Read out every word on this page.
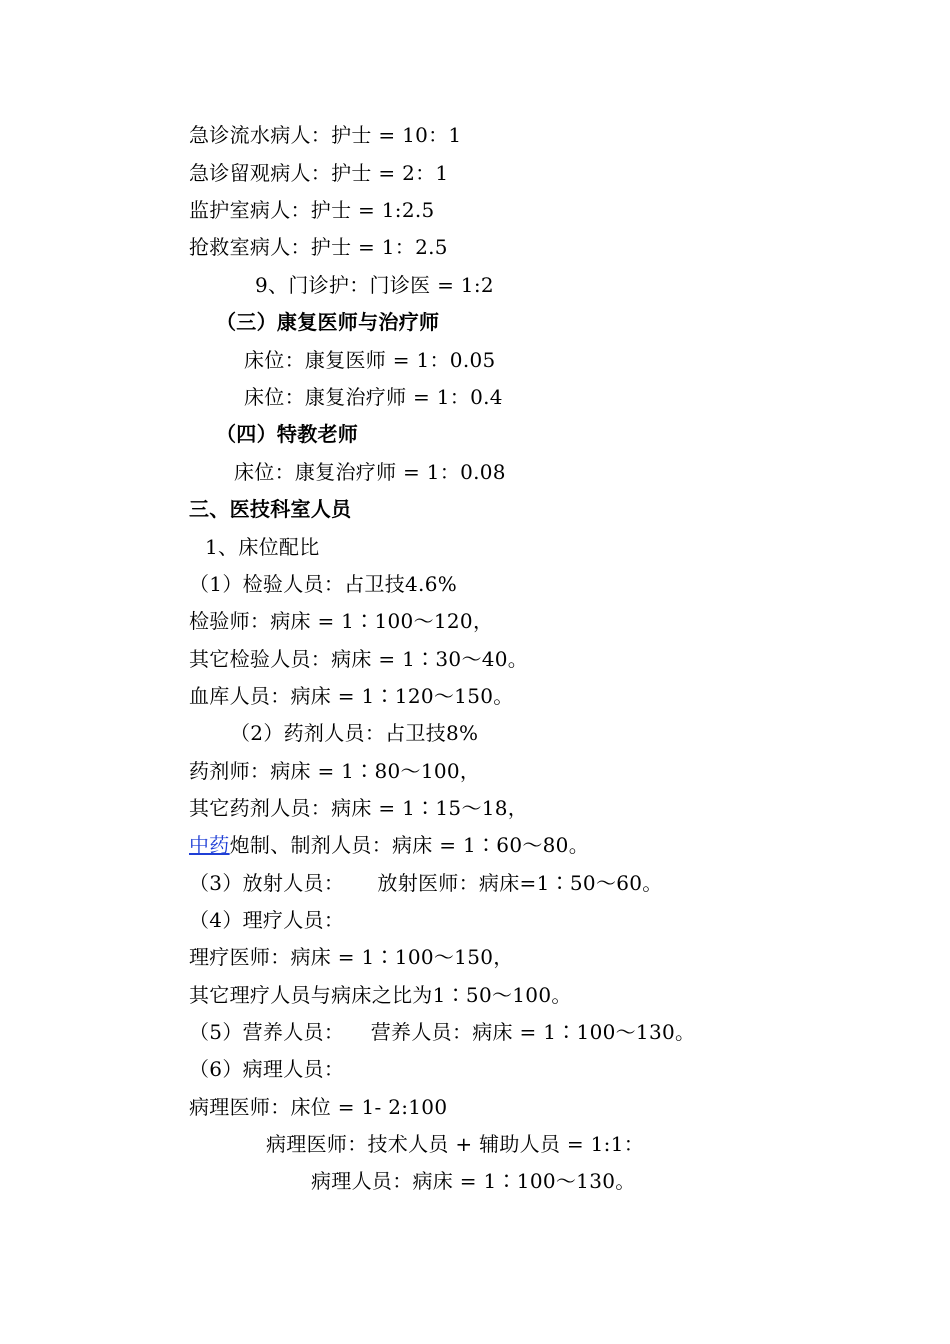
急诊流水病人：护士 = 10：1
急诊留观病人：护士 = 2：1
监护室病人：护士 = 1:2.5
抢救室病人：护士 = 1：2.5
9、门诊护：门诊医 = 1:2
（三）康复医师与治疗师
床位：康复医师 = 1：0.05
床位：康复治疗师 = 1：0.4
（四）特教老师
床位：康复治疗师 = 1：0.08
三、医技科室人员
1、床位配比
（1）检验人员：占卫技4.6%
检验师：病床 = 1∶100～120，
其它检验人员：病床 = 1∶30～40。
血库人员：病床 = 1∶120～150。
（2）药剂人员：占卫技8%
药剂师：病床 = 1∶80～100，
其它药剂人员：病床 = 1∶15～18，
中药炮制、制剂人员：病床 = 1∶60～80。
（3）放射人员：     放射医师：病床=1∶50～60。
（4）理疗人员：
理疗医师：病床 = 1∶100～150，
其它理疗人员与病床之比为1∶50～100。
（5）营养人员：    营养人员：病床 = 1∶100～130。
（6）病理人员：
病理医师：床位 = 1- 2:100
病理医师：技术人员 + 辅助人员 = 1:1：
病理人员：病床 = 1∶100～130。
